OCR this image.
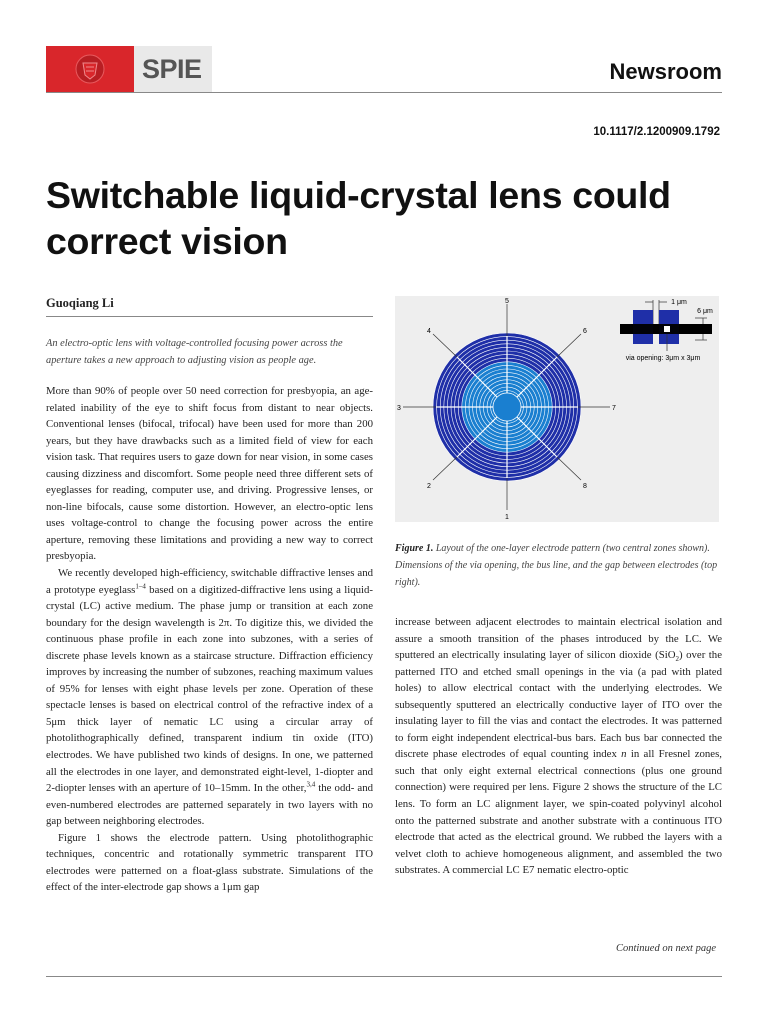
SPIE	Newsroom
10.1117/2.1200909.1792
Switchable liquid-crystal lens could correct vision
Guoqiang Li

An electro-optic lens with voltage-controlled focusing power across the aperture takes a new approach to adjusting vision as people age.

More than 90% of people over 50 need correction for presbyopia, an age-related inability of the eye to shift focus from distant to near objects. Conventional lenses (bifocal, trifocal) have been used for more than 200 years, but they have drawbacks such as a limited field of view for each vision task. That requires users to gaze down for near vision, in some cases causing dizziness and discomfort. Some people need three different sets of eyeglasses for reading, computer use, and driving. Progressive lenses, or non-line bifocals, cause some distortion. However, an electro-optic lens uses voltage-control to change the focusing power across the entire aperture, removing these limitations and providing a new way to correct presbyopia.

We recently developed high-efficiency, switchable diffractive lenses and a prototype eyeglass$^{1-4}$ based on a digitized-diffractive lens using a liquid-crystal (LC) active medium. The phase jump or transition at each zone boundary for the design wavelength is 2π. To digitize this, we divided the continuous phase profile in each zone into subzones, with a series of discrete phase levels known as a staircase structure. Diffraction efficiency improves by increasing the number of subzones, reaching maximum values of 95% for lenses with eight phase levels per zone. Operation of these spectacle lenses is based on electrical control of the refractive index of a 5μm thick layer of nematic LC using a circular array of photolithographically defined, transparent indium tin oxide (ITO) electrodes. We have published two kinds of designs. In one, we patterned all the electrodes in one layer, and demonstrated eight-level, 1-diopter and 2-diopter lenses with an aperture of 10–15mm. In the other,$^{3,4}$ the odd- and even-numbered electrodes are patterned separately in two layers with no gap between neighboring electrodes.

Figure 1 shows the electrode pattern. Using photolithographic techniques, concentric and rotationally symmetric transparent ITO electrodes were patterned on a float-glass substrate. Simulations of the effect of the inter-electrode gap shows a 1μm gap

5
1
3	7
4	6
2	8
1 μm
6 μm
via opening: 3μm x 3μm

Figure 1. Layout of the one-layer electrode pattern (two central zones shown). Dimensions of the via opening, the bus line, and the gap between electrodes (top right).

increase between adjacent electrodes to maintain electrical isolation and assure a smooth transition of the phases introduced by the LC. We sputtered an electrically insulating layer of silicon dioxide (SiO$_2$) over the patterned ITO and etched small openings in the via (a pad with plated holes) to allow electrical contact with the underlying electrodes. We subsequently sputtered an electrically conductive layer of ITO over the insulating layer to fill the vias and contact the electrodes. It was patterned to form eight independent electrical-bus bars. Each bus bar connected the discrete phase electrodes of equal counting index n in all Fresnel zones, such that only eight external electrical connections (plus one ground connection) were required per lens. Figure 2 shows the structure of the LC lens. To form an LC alignment layer, we spin-coated polyvinyl alcohol onto the patterned substrate and another substrate with a continuous ITO electrode that acted as the electrical ground. We rubbed the layers with a velvet cloth to achieve homogeneous alignment, and assembled the two substrates. A commercial LC E7 nematic electro-optic

Continued on next page
